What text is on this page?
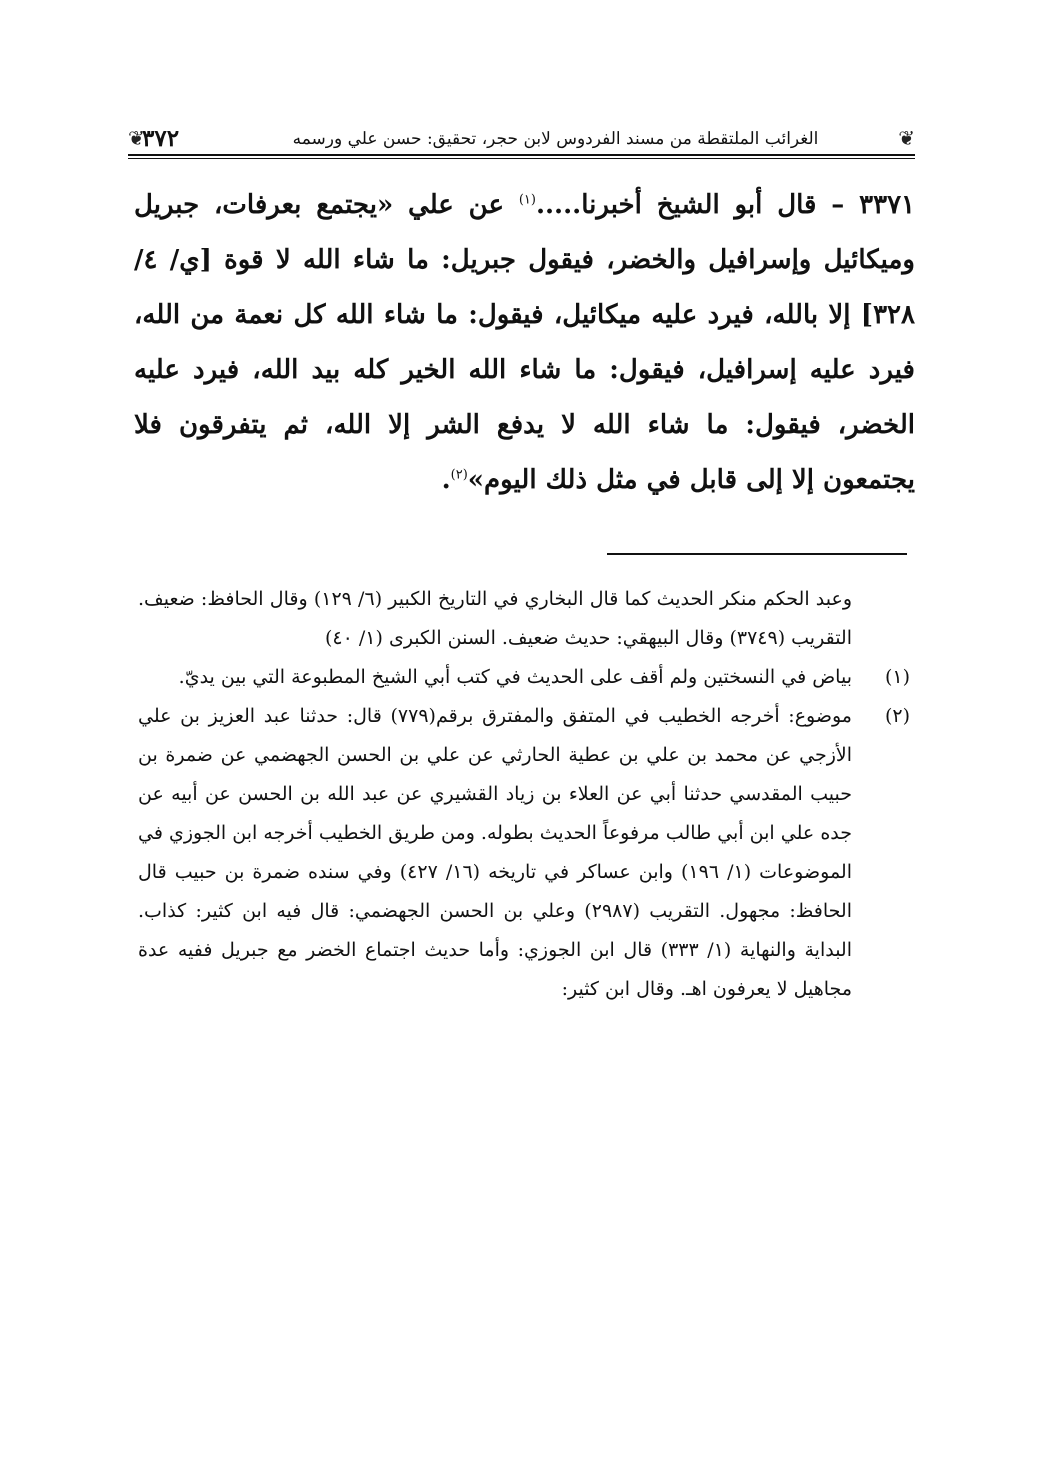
❦
الغرائب الملتقطة من مسند الفردوس لابن حجر، تحقيق: حسن علي ورسمه
٣٧٢
❦

٣٣٧١ – قال أبو الشيخ أخبرنا.....$^{(١)}$ عن علي «يجتمع بعرفات، جبريل وميكائيل وإسرافيل والخضر، فيقول جبريل: ما شاء الله لا قوة [ي/ ٤/ ٣٢٨] إلا بالله، فيرد عليه ميكائيل، فيقول: ما شاء الله كل نعمة من الله، فيرد عليه إسرافيل، فيقول: ما شاء الله الخير كله بيد الله، فيرد عليه الخضر، فيقول: ما شاء الله لا يدفع الشر إلا الله، ثم يتفرقون فلا يجتمعون إلا إلى قابل في مثل ذلك اليوم»$^{(٢)}$.

وعبد الحكم منكر الحديث كما قال البخاري في التاريخ الكبير (٦/ ١٢٩) وقال الحافظ: ضعيف. التقريب (٣٧٤٩) وقال البيهقي: حديث ضعيف. السنن الكبرى (١/ ٤٠)

(١)
بياض في النسختين ولم أقف على الحديث في كتب أبي الشيخ المطبوعة التي بين يديّ.
(٢)
موضوع: أخرجه الخطيب في المتفق والمفترق برقم(٧٧٩) قال: حدثنا عبد العزيز بن علي الأزجي عن محمد بن علي بن عطية الحارثي عن علي بن الحسن الجهضمي عن ضمرة بن حبيب المقدسي حدثنا أبي عن العلاء بن زياد القشيري عن عبد الله بن الحسن عن أبيه عن جده علي ابن أبي طالب مرفوعاً الحديث بطوله. ومن طريق الخطيب أخرجه ابن الجوزي في الموضوعات (١/ ١٩٦) وابن عساكر في تاريخه (١٦/ ٤٢٧) وفي سنده ضمرة بن حبيب قال الحافظ: مجهول. التقريب (٢٩٨٧) وعلي بن الحسن الجهضمي: قال فيه ابن كثير: كذاب. البداية والنهاية (١/ ٣٣٣) قال ابن الجوزي: وأما حديث اجتماع الخضر مع جبريل ففيه عدة مجاهيل لا يعرفون اهـ. وقال ابن كثير:
